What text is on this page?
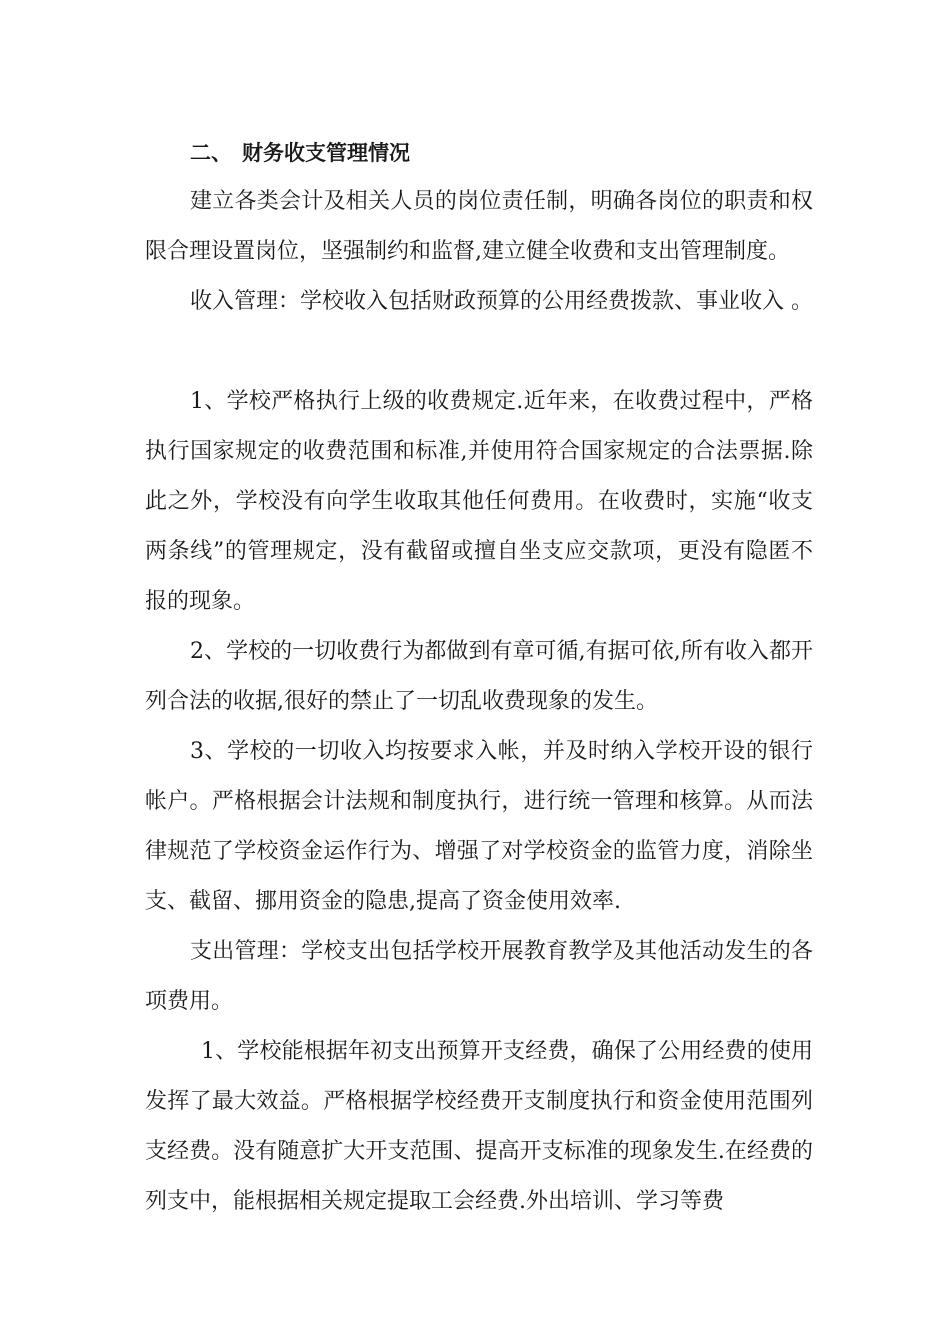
二、 财务收支管理情况

建立各类会计及相关人员的岗位责任制，明确各岗位的职责和权限合理设置岗位，坚强制约和监督,建立健全收费和支出管理制度。

收入管理：学校收入包括财政预算的公用经费拨款、事业收入 。

1、学校严格执行上级的收费规定.近年来，在收费过程中，严格执行国家规定的收费范围和标准,并使用符合国家规定的合法票据.除此之外，学校没有向学生收取其他任何费用。在收费时，实施“收支两条线”的管理规定，没有截留或擅自坐支应交款项，更没有隐匿不报的现象。

2、学校的一切收费行为都做到有章可循,有据可依,所有收入都开列合法的收据,很好的禁止了一切乱收费现象的发生。

3、学校的一切收入均按要求入帐，并及时纳入学校开设的银行帐户。严格根据会计法规和制度执行，进行统一管理和核算。从而法律规范了学校资金运作行为、增强了对学校资金的监管力度，消除坐支、截留、挪用资金的隐患,提高了资金使用效率.

支出管理：学校支出包括学校开展教育教学及其他活动发生的各项费用。

1、学校能根据年初支出预算开支经费，确保了公用经费的使用发挥了最大效益。严格根据学校经费开支制度执行和资金使用范围列支经费。没有随意扩大开支范围、提高开支标准的现象发生.在经费的列支中，能根据相关规定提取工会经费.外出培训、学习等费
